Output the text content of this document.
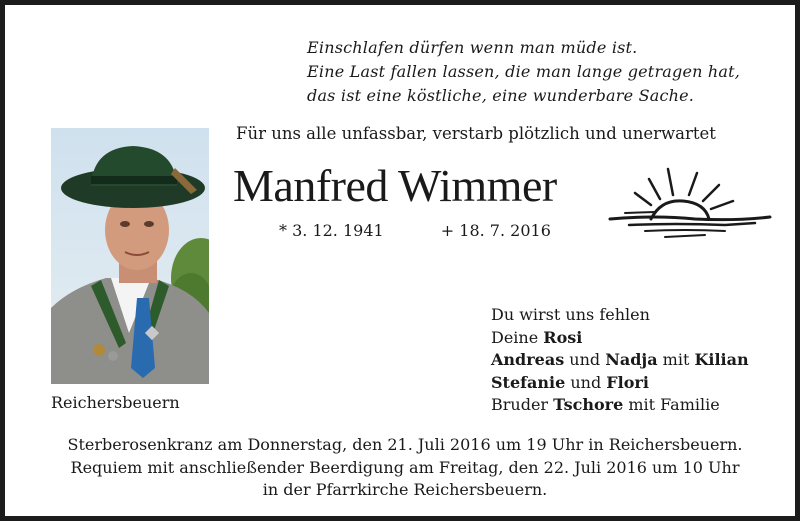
Einschlafen dürfen wenn man müde ist.
Eine Last fallen lassen, die man lange getragen hat,
das ist eine köstliche, eine wunderbare Sache.
Für uns alle unfassbar, verstarb plötzlich und unerwartet
Manfred Wimmer
* 3. 12. 1941	+ 18. 7. 2016
Reichersbeuern
Du wirst uns fehlen
Deine Rosi
Andreas und Nadja mit Kilian
Stefanie und Flori
Bruder Tschore mit Familie
Sterberosenkranz am Donnerstag, den 21. Juli 2016 um 19 Uhr in Reichersbeuern.
Requiem mit anschließender Beerdigung am Freitag, den 22. Juli 2016 um 10 Uhr
in der Pfarrkirche Reichersbeuern.
